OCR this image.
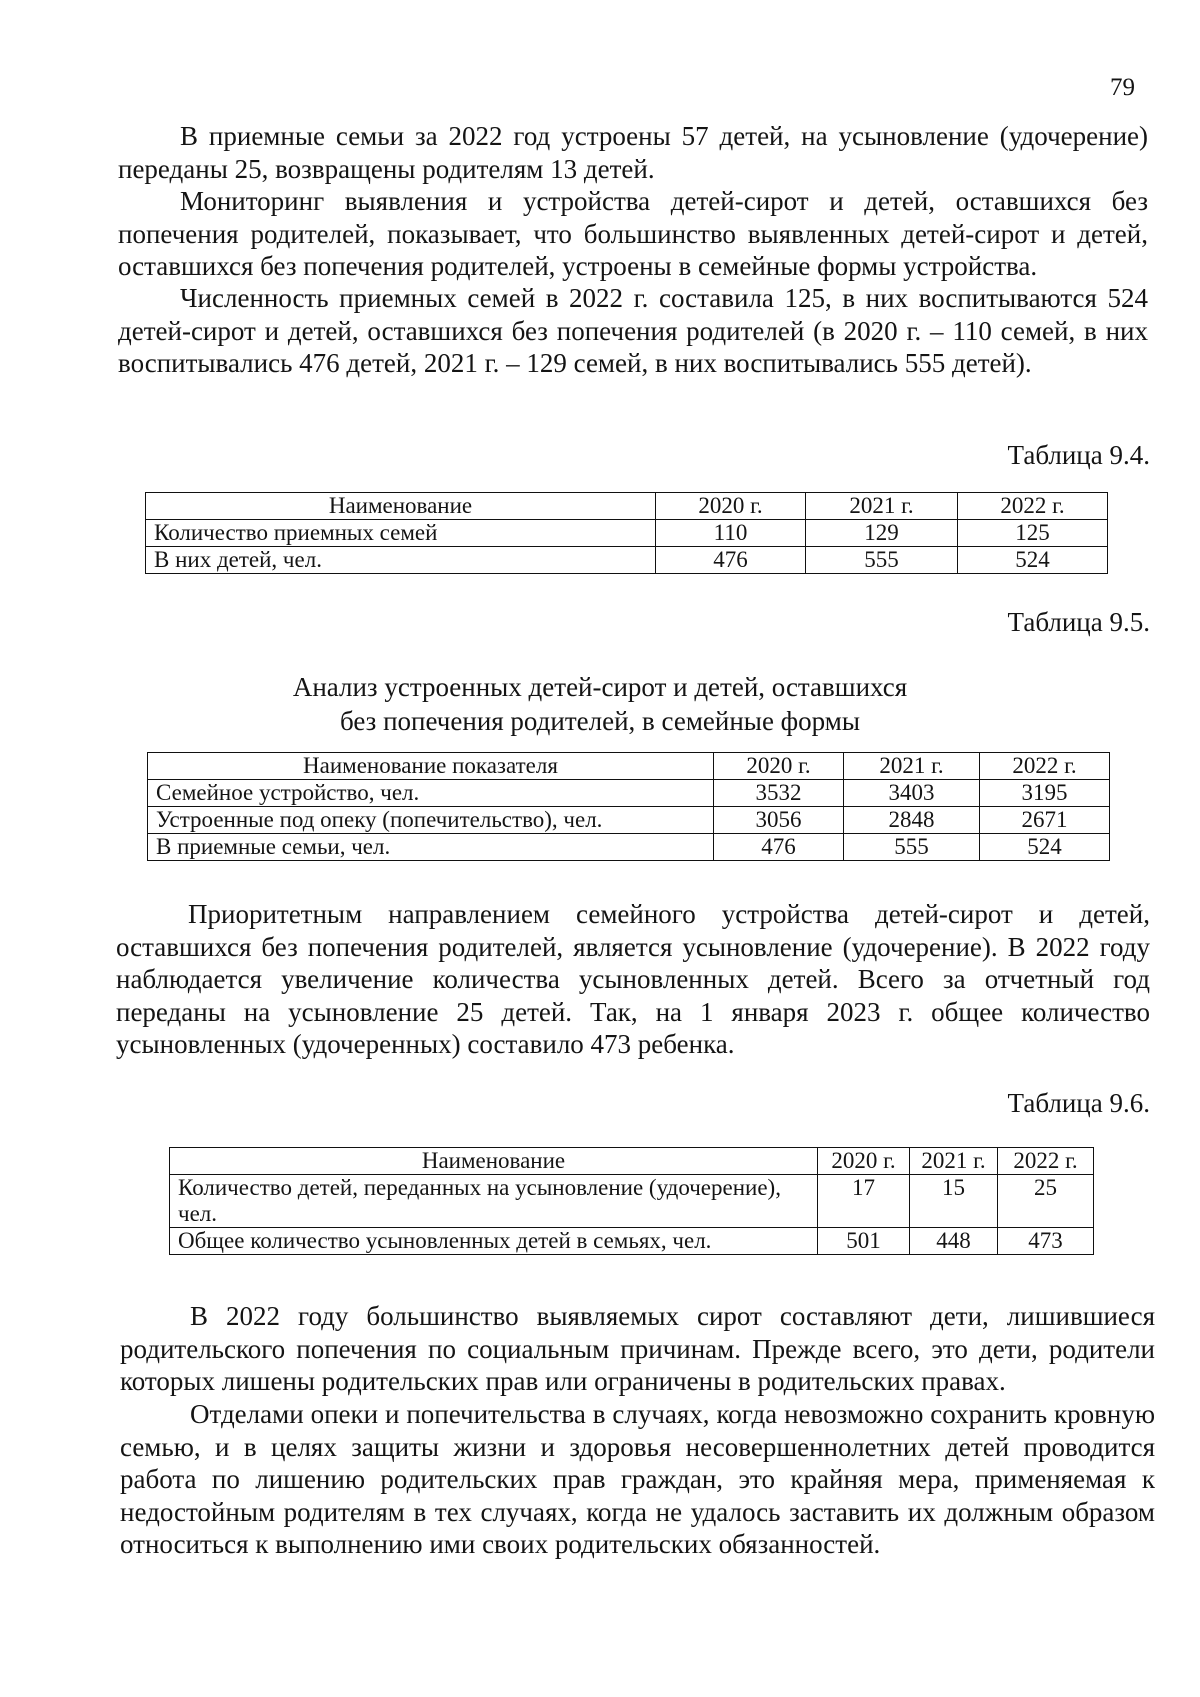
79

В приемные семьи за 2022 год устроены 57 детей, на усыновление (удочерение) переданы 25, возвращены родителям 13 детей.

Мониторинг выявления и устройства детей-сирот и детей, оставшихся без попечения родителей, показывает, что большинство выявленных детей-сирот и детей, оставшихся без попечения родителей, устроены в семейные формы устройства.

Численность приемных семей в 2022 г. составила 125, в них воспитываются 524 детей-сирот и детей, оставшихся без попечения родителей (в 2020 г. – 110 семей, в них воспитывались 476 детей, 2021 г. – 129 семей, в них воспитывались 555 детей).

Таблица 9.4.
Наименование	2020 г.	2021 г.	2022 г.
Количество приемных семей	110	129	125
В них детей, чел.	476	555	524
Таблица 9.5.
Анализ устроенных детей-сирот и детей, оставшихся
без попечения родителей, в семейные формы
Наименование показателя	2020 г.	2021 г.	2022 г.
Семейное устройство, чел.	3532	3403	3195
Устроенные под опеку (попечительство), чел.	3056	2848	2671
В приемные семьи, чел.	476	555	524

Приоритетным направлением семейного устройства детей-сирот и детей, оставшихся без попечения родителей, является усыновление (удочерение). В 2022 году наблюдается увеличение количества усыновленных детей. Всего за отчетный год переданы на усыновление 25 детей. Так, на 1 января 2023 г. общее количество усыновленных (удочеренных) составило 473 ребенка.

Таблица 9.6.
Наименование	2020 г.	2021 г.	2022 г.
Количество детей, переданных на усыновление (удочерение), чел.	17	15	25
Общее количество усыновленных детей в семьях, чел.	501	448	473

В 2022 году большинство выявляемых сирот составляют дети, лишившиеся родительского попечения по социальным причинам. Прежде всего, это дети, родители которых лишены родительских прав или ограничены в родительских правах.

Отделами опеки и попечительства в случаях, когда невозможно сохранить кровную семью, и в целях защиты жизни и здоровья несовершеннолетних детей проводится работа по лишению родительских прав граждан, это крайняя мера, применяемая к недостойным родителям в тех случаях, когда не удалось заставить их должным образом относиться к выполнению ими своих родительских обязанностей.
